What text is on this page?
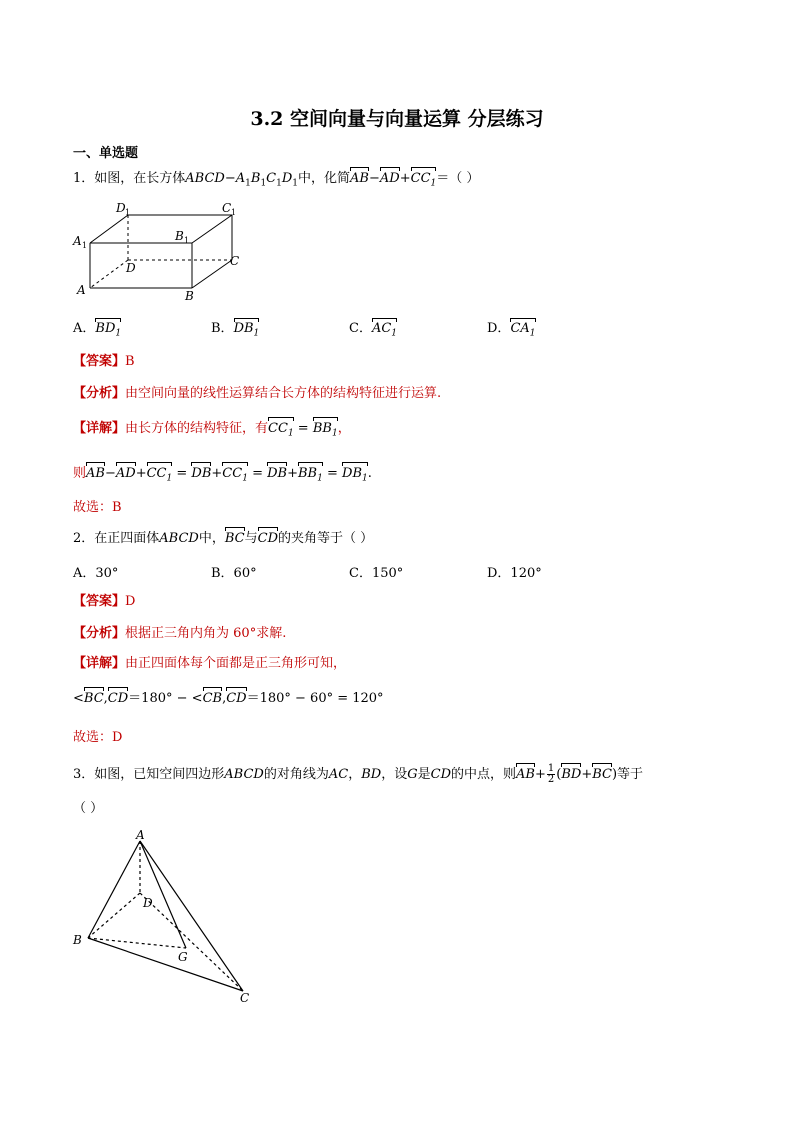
3.2 空间向量与向量运算 分层练习
一、单选题
1．如图，在长方体$ABCD-A_1B_1C_1D_1$中，化简$AB-AD+CC_1=$（ ）
D 1	C 1
A 1
B 1
D	C
A	B
A．$BD_1$	B．$DB_1$	C．$AC_1$	D．$CA_1$
【答案】B
【分析】由空间向量的线性运算结合长方体的结构特征进行运算.
【详解】由长方体的结构特征，有$CC_1 = BB_1$，
则$AB-AD+CC_1 = DB+CC_1 = DB+BB_1 = DB_1$.
故选：B
2．在正四面体ABCD中，BC与CD的夹角等于（ ）
A．30°	B．60°	C．150°	D．120°
【答案】D
【分析】根据正三角内角为 60°求解.
【详解】由正四面体每个面都是正三角形可知，
<BC,CD＝180° − <CB,CD＝180° − 60° = 120°
故选：D
3．如图，已知空间四边形ABCD的对角线为AC，BD，设G是CD的中点，则$AB+ \frac{1}{2} (BD+BC)$等于
（ ）
A
D
B
G
C
